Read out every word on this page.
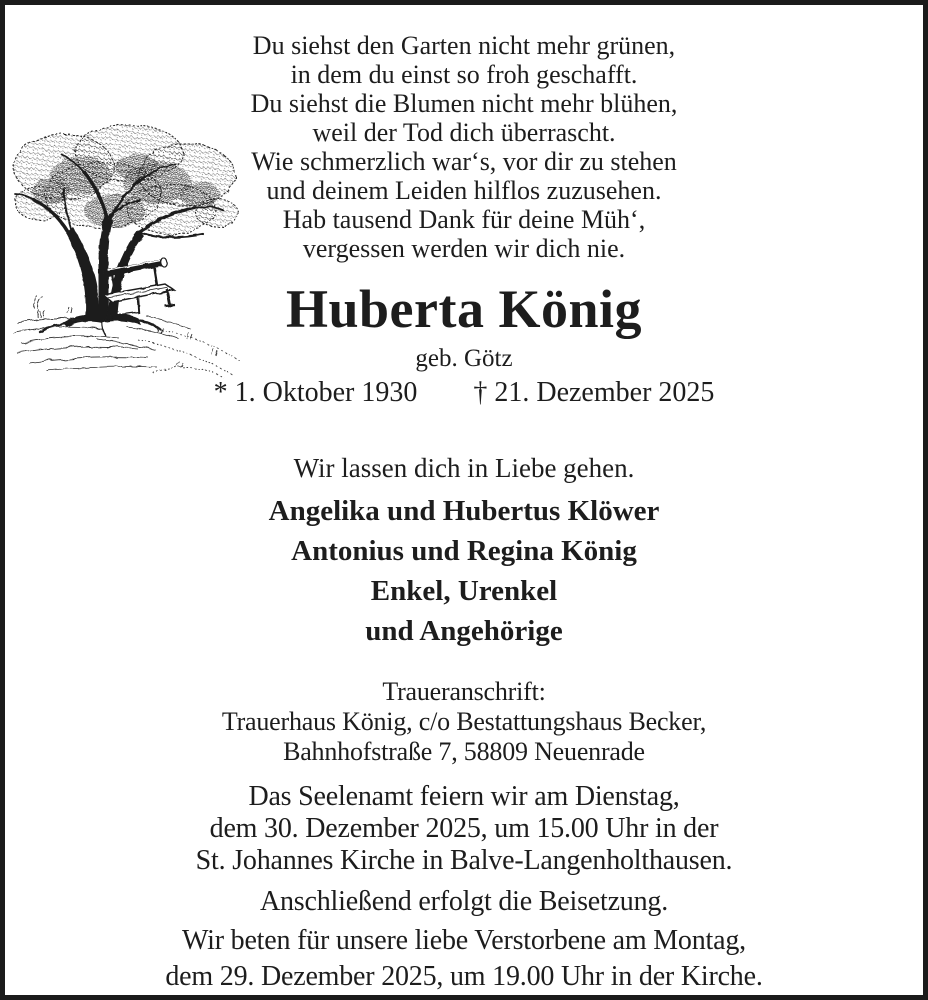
Du siehst den Garten nicht mehr grünen,
in dem du einst so froh geschafft.
Du siehst die Blumen nicht mehr blühen,
weil der Tod dich überrascht.
Wie schmerzlich war‘s, vor dir zu stehen
und deinem Leiden hilflos zuzusehen.
Hab tausend Dank für deine Müh‘,
vergessen werden wir dich nie.
Huberta König
geb. Götz
* 1. Oktober 1930 † 21. Dezember 2025
Wir lassen dich in Liebe gehen.
Angelika und Hubertus Klöwer
Antonius und Regina König
Enkel, Urenkel
und Angehörige
Traueranschrift:
Trauerhaus König, c/o Bestattungshaus Becker,
Bahnhofstraße 7, 58809 Neuenrade
Das Seelenamt feiern wir am Dienstag,
dem 30. Dezember 2025, um 15.00 Uhr in der
St. Johannes Kirche in Balve-Langenholthausen.
Anschließend erfolgt die Beisetzung.
Wir beten für unsere liebe Verstorbene am Montag,
dem 29. Dezember 2025, um 19.00 Uhr in der Kirche.
